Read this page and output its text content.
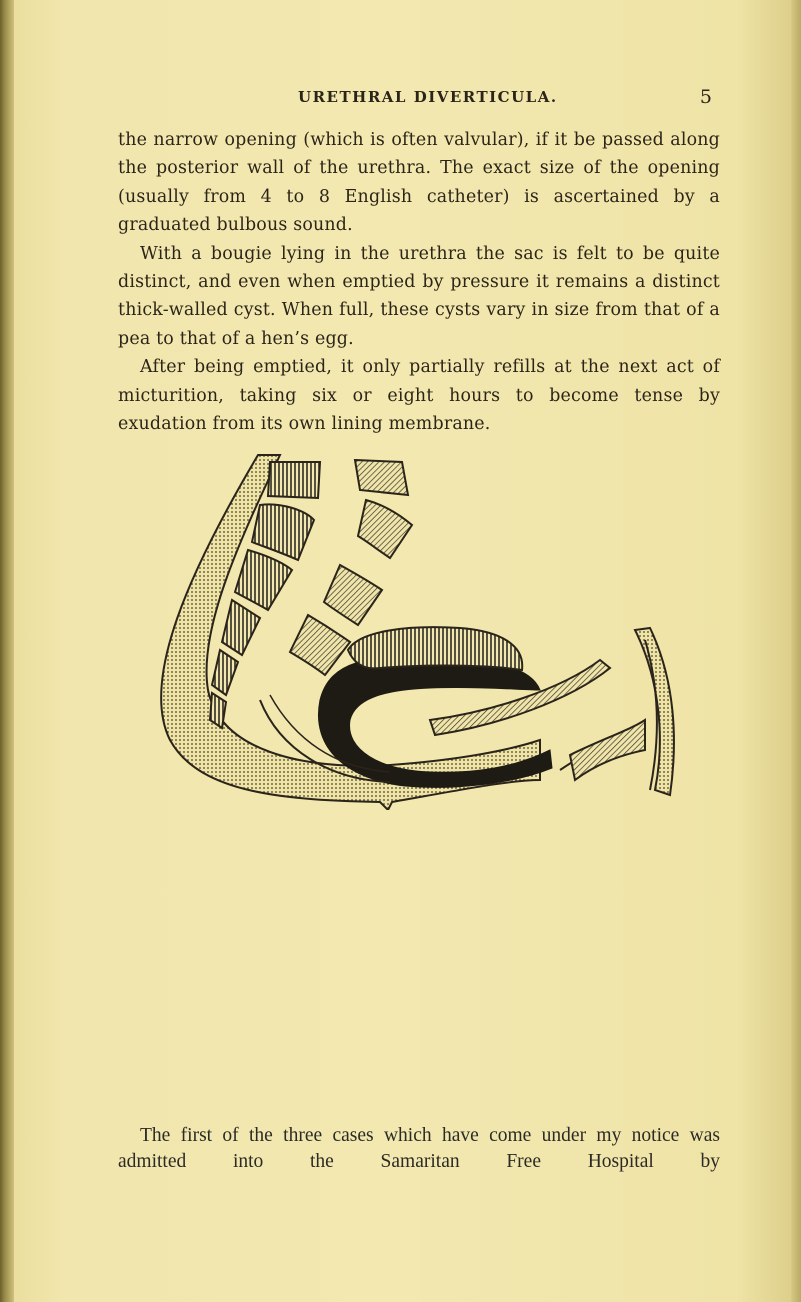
URETHRAL DIVERTICULA.	5

the narrow opening (which is often valvular), if it be passed along the posterior wall of the urethra. The exact size of the opening (usually from 4 to 8 English catheter) is ascertained by a graduated bulbous sound.

With a bougie lying in the urethra the sac is felt to be quite distinct, and even when emptied by pressure it remains a distinct thick-walled cyst. When full, these cysts vary in size from that of a pea to that of a hen’s egg.

After being emptied, it only partially refills at the next act of micturition, taking six or eight hours to become tense by exudation from its own lining membrane.

The first of the three cases which have come under my notice was admitted into the Samaritan Free Hospital by
